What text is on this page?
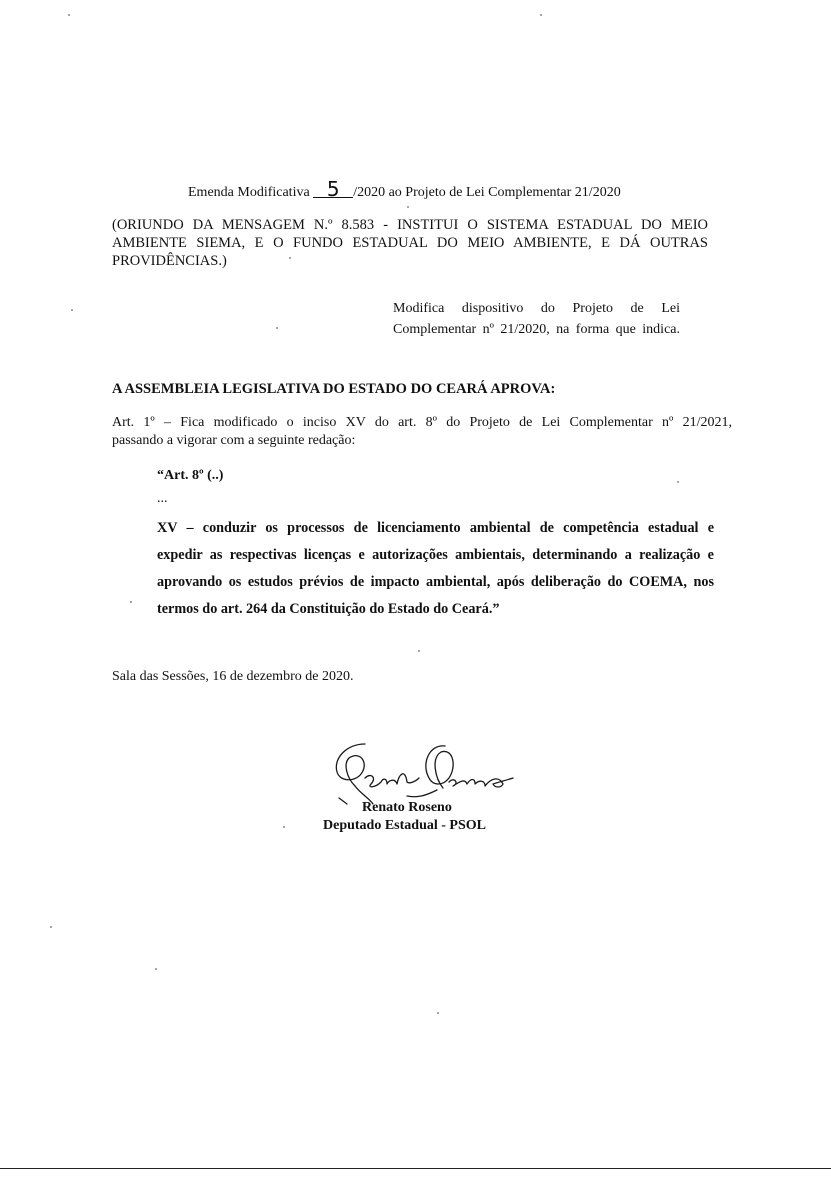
Emenda Modificativa 5 /2020 ao Projeto de Lei Complementar 21/2020
(ORIUNDO DA MENSAGEM N.º 8.583 - INSTITUI O SISTEMA ESTADUAL DO MEIO
AMBIENTE SIEMA, E O FUNDO ESTADUAL DO MEIO AMBIENTE, E DÁ OUTRAS
PROVIDÊNCIAS.)
Modifica dispositivo do Projeto de Lei
Complementar nº 21/2020, na forma que indica.
A ASSEMBLEIA LEGISLATIVA DO ESTADO DO CEARÁ APROVA:
Art. 1º – Fica modificado o inciso XV do art. 8º do Projeto de Lei Complementar nº 21/2021,
passando a vigorar com a seguinte redação:
“Art. 8º (..)
...
XV – conduzir os processos de licenciamento ambiental de competência estadual e
expedir as respectivas licenças e autorizações ambientais, determinando a realização e
aprovando os estudos prévios de impacto ambiental, após deliberação do COEMA, nos
termos do art. 264 da Constituição do Estado do Ceará.”
Sala das Sessões, 16 de dezembro de 2020.
Renato Roseno
Deputado Estadual - PSOL
